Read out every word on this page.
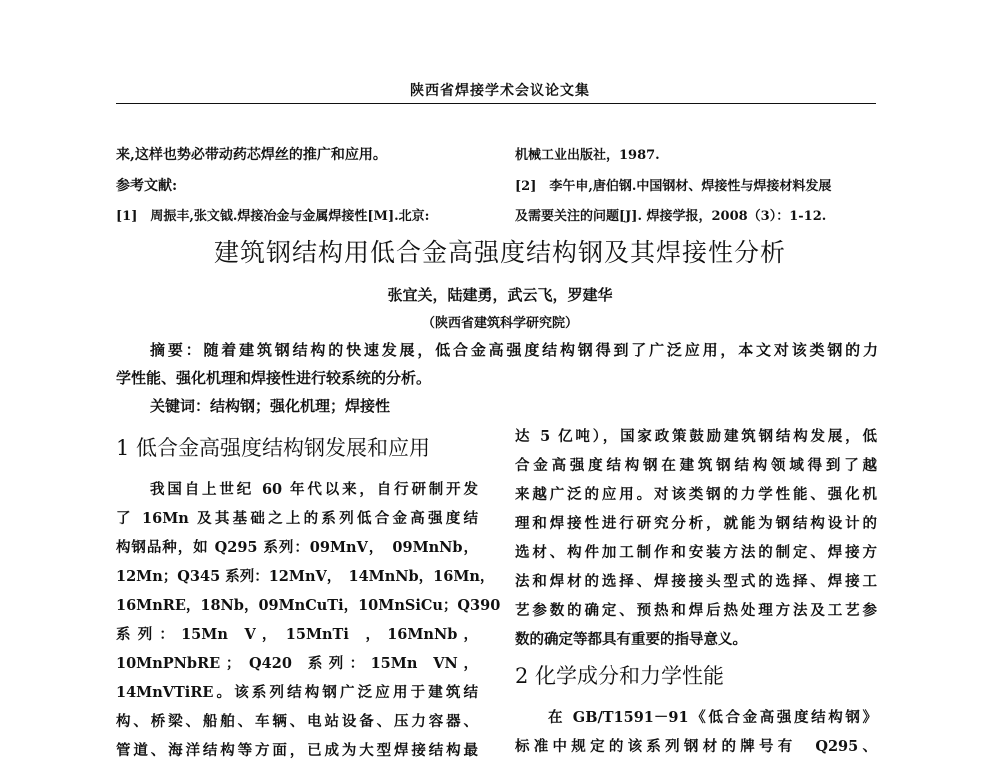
陕西省焊接学术会议论文集
来,这样也势必带动药芯焊丝的推广和应用。
参考文献:
[1]　周振丰,张文钺.焊接冶金与金属焊接性[M].北京:
机械工业出版社，1987.
[2]　李午申,唐伯钢.中国钢材、焊接性与焊接材料发展
及需要关注的问题[J]. 焊接学报，2008（3）：1-12.
建筑钢结构用低合金高强度结构钢及其焊接性分析
张宜关，陆建勇，武云飞，罗建华
（陕西省建筑科学研究院）
摘要：随着建筑钢结构的快速发展，低合金高强度结构钢得到了广泛应用，本文对该类钢的力
学性能、强化机理和焊接性进行较系统的分析。
关键词：结构钢；强化机理；焊接性
1 低合金高强度结构钢发展和应用
我国自上世纪 60 年代以来，自行研制开发
了 16Mn 及其基础之上的系列低合金高强度结
构钢品种，如 Q295 系列：09MnV，　09MnNb，
12Mn；Q345 系列：12MnV，　14MnNb，16Mn，
16MnRE，18Nb，09MnCuTi，10MnSiCu；Q390
系 列 ： 15Mn　V ，　15MnTi　， 16MnNb ，
10MnPNbRE ；　Q420　系 列 ： 15Mn　VN ，
14MnVTiRE。该系列结构钢广泛应用于建筑结
构、桥梁、船舶、车辆、电站设备、压力容器、
管道、海洋结构等方面，已成为大型焊接结构最
达 5 亿吨），国家政策鼓励建筑钢结构发展，低
合金高强度结构钢在建筑钢结构领域得到了越
来越广泛的应用。对该类钢的力学性能、强化机
理和焊接性进行研究分析，就能为钢结构设计的
选材、构件加工制作和安装方法的制定、焊接方
法和焊材的选择、焊接接头型式的选择、焊接工
艺参数的确定、预热和焊后热处理方法及工艺参
数的确定等都具有重要的指导意义。
2 化学成分和力学性能
在 GB/T1591－91《低合金高强度结构钢》
标准中规定的该系列钢材的牌号有　Q295、
